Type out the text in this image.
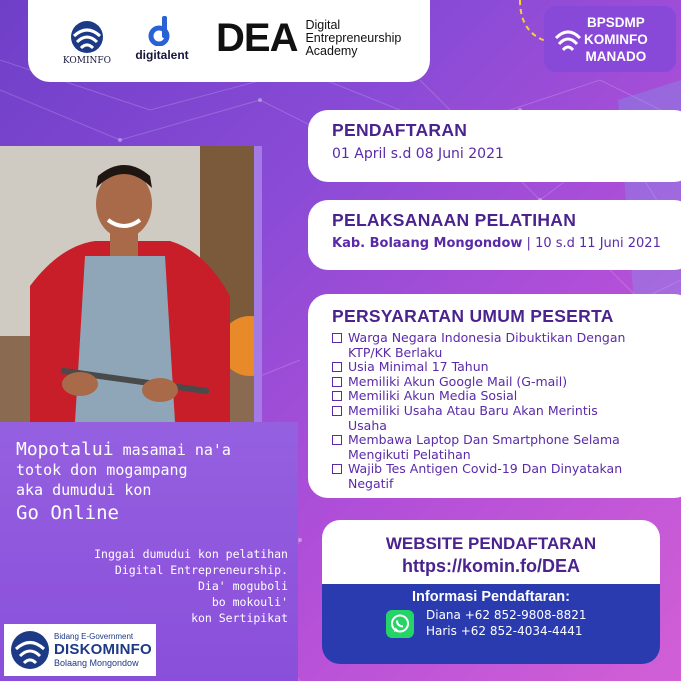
KOMINFO digitalent DEA Digital
Entrepreneurship
Academy
BPSDMP
KOMINFO
MANADO
PENDAFTARAN
01 April s.d 08 Juni 2021
PELAKSANAAN PELATIHAN
Kab. Bolaang Mongondow | 10 s.d 11 Juni 2021
PERSYARATAN UMUM PESERTA
Warga Negara Indonesia Dibuktikan Dengan KTP/KK Berlaku
Usia Minimal 17 Tahun
Memiliki Akun Google Mail (G-mail)
Memiliki Akun Media Sosial
Memiliki Usaha Atau Baru Akan Merintis Usaha
Membawa Laptop Dan Smartphone Selama Mengikuti Pelatihan
Wajib Tes Antigen Covid-19 Dan Dinyatakan Negatif
Mopotalui masamai na'a
totok don mogampang
aka dumudui kon
Go Online
Inggai dumudui kon pelatihan
Digital Entrepreneurship.
Dia' moguboli
bo mokouli'
kon Sertipikat
Bidang E-Government
DISKOMINFO
Bolaang Mongondow
WEBSITE PENDAFTARAN
https://komin.fo/DEA
Informasi Pendaftaran:
Diana +62 852-9808-8821
Haris +62 852-4034-4441
